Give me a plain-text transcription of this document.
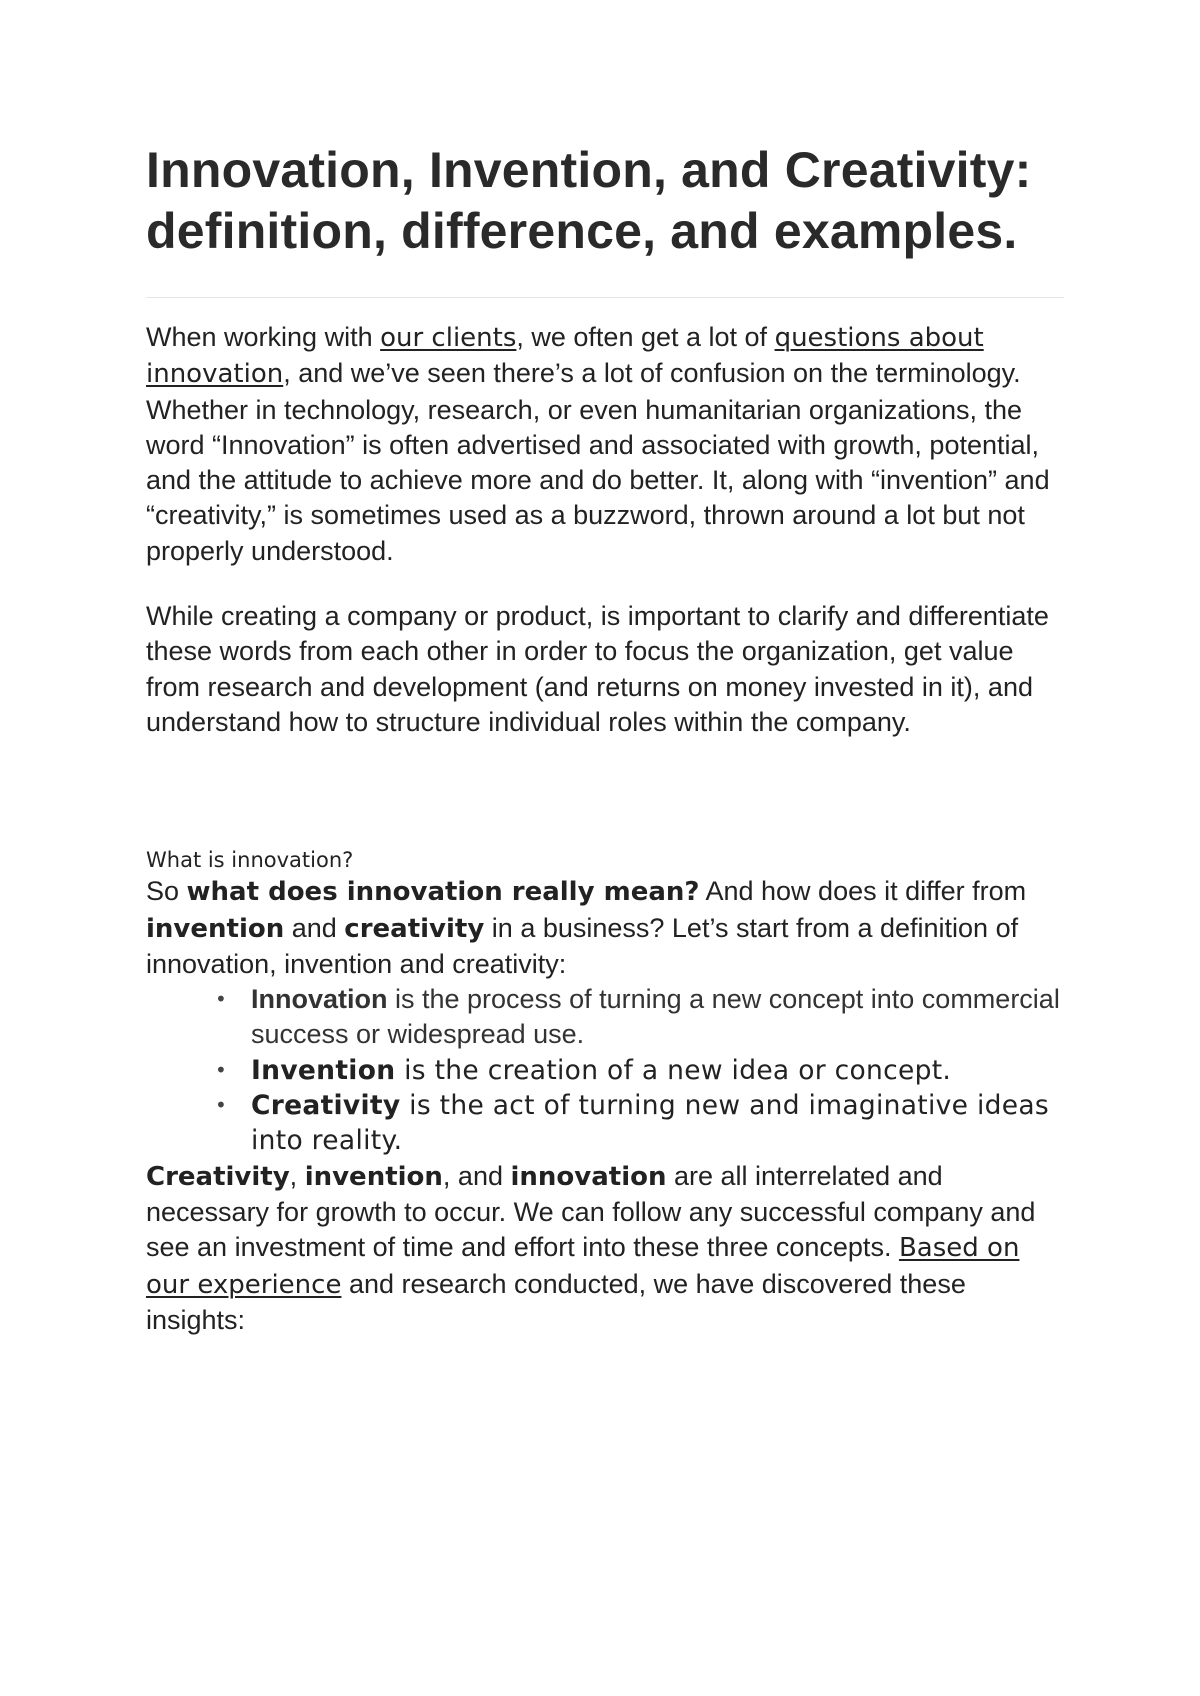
Innovation, Invention, and Creativity:
definition, difference, and examples.

When working with our clients, we often get a lot of questions about innovation, and we’ve seen there’s a lot of confusion on the terminology.
Whether in technology, research, or even humanitarian organizations, the word “Innovation” is often advertised and associated with growth, potential, and the attitude to achieve more and do better. It, along with “invention” and “creativity,” is sometimes used as a buzzword, thrown around a lot but not properly understood.

While creating a company or product, is important to clarify and differentiate these words from each other in order to focus the organization, get value from research and development (and returns on money invested in it), and understand how to structure individual roles within the company.

What is innovation?

So what does innovation really mean? And how does it differ from invention and creativity in a business? Let’s start from a definition of innovation, invention and creativity:

• Innovation is the process of turning a new concept into commercial success or widespread use.
• Invention is the creation of a new idea or concept.
• Creativity is the act of turning new and imaginative ideas into reality.

Creativity, invention, and innovation are all interrelated and necessary for growth to occur. We can follow any successful company and see an investment of time and effort into these three concepts. Based on our experience and research conducted, we have discovered these insights:
